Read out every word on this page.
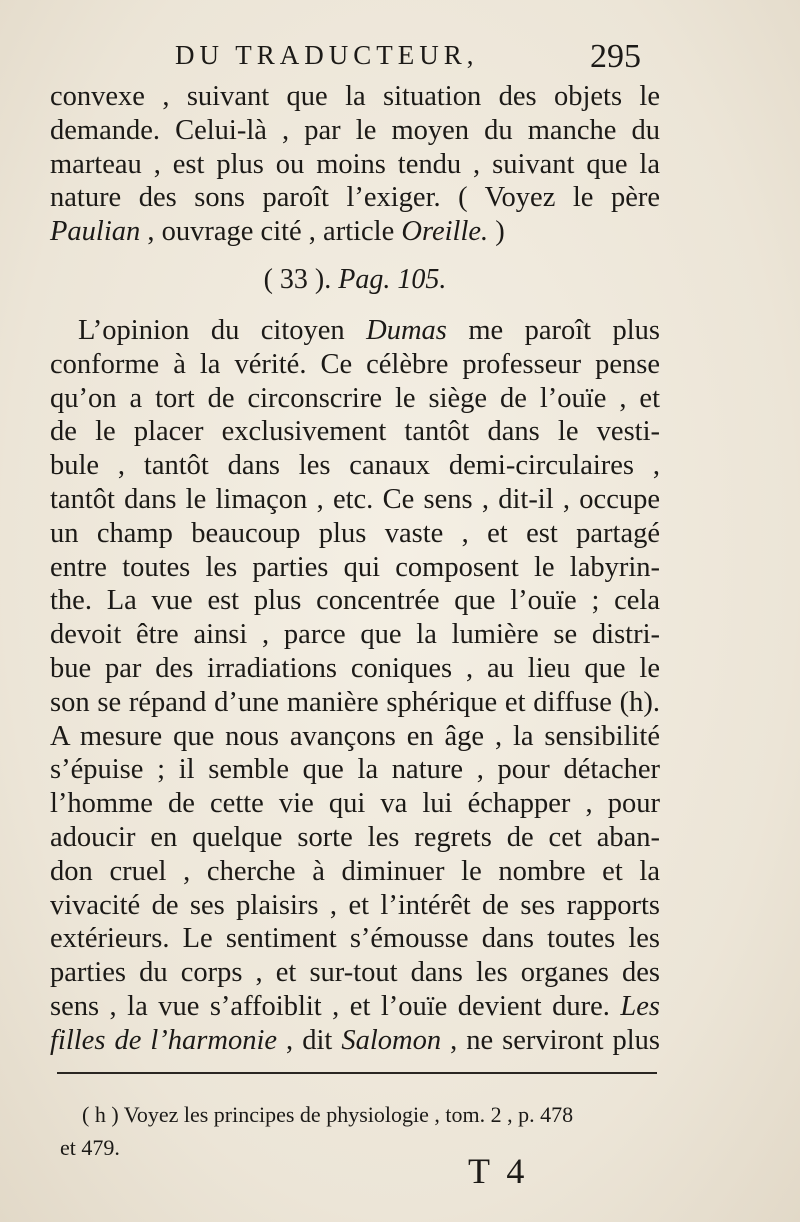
DU TRADUCTEUR,	295
convexe , suivant que la situation des objets le
demande. Celui-là , par le moyen du manche du
marteau , est plus ou moins tendu , suivant que la
nature des sons paroît l’exiger. ( Voyez le père
Paulian , ouvrage cité , article Oreille. )
( 33 ). Pag. 105.
L’opinion du citoyen Dumas me paroît plus
conforme à la vérité. Ce célèbre professeur pense
qu’on a tort de circonscrire le siège de l’ouïe , et
de le placer exclusivement tantôt dans le vesti-
bule , tantôt dans les canaux demi-circulaires ,
tantôt dans le limaçon , etc. Ce sens , dit-il , occupe
un champ beaucoup plus vaste , et est partagé
entre toutes les parties qui composent le labyrin-
the. La vue est plus concentrée que l’ouïe ; cela
devoit être ainsi , parce que la lumière se distri-
bue par des irradiations coniques , au lieu que le
son se répand d’une manière sphérique et diffuse (h).
A mesure que nous avançons en âge , la sensibilité
s’épuise ; il semble que la nature , pour détacher
l’homme de cette vie qui va lui échapper , pour
adoucir en quelque sorte les regrets de cet aban-
don cruel , cherche à diminuer le nombre et la
vivacité de ses plaisirs , et l’intérêt de ses rapports
extérieurs. Le sentiment s’émousse dans toutes les
parties du corps , et sur-tout dans les organes des
sens , la vue s’affoiblit , et l’ouïe devient dure. Les
filles de l’harmonie , dit Salomon , ne serviront plus
( h ) Voyez les principes de physiologie , tom. 2 , p. 478
et 479.
T 4
